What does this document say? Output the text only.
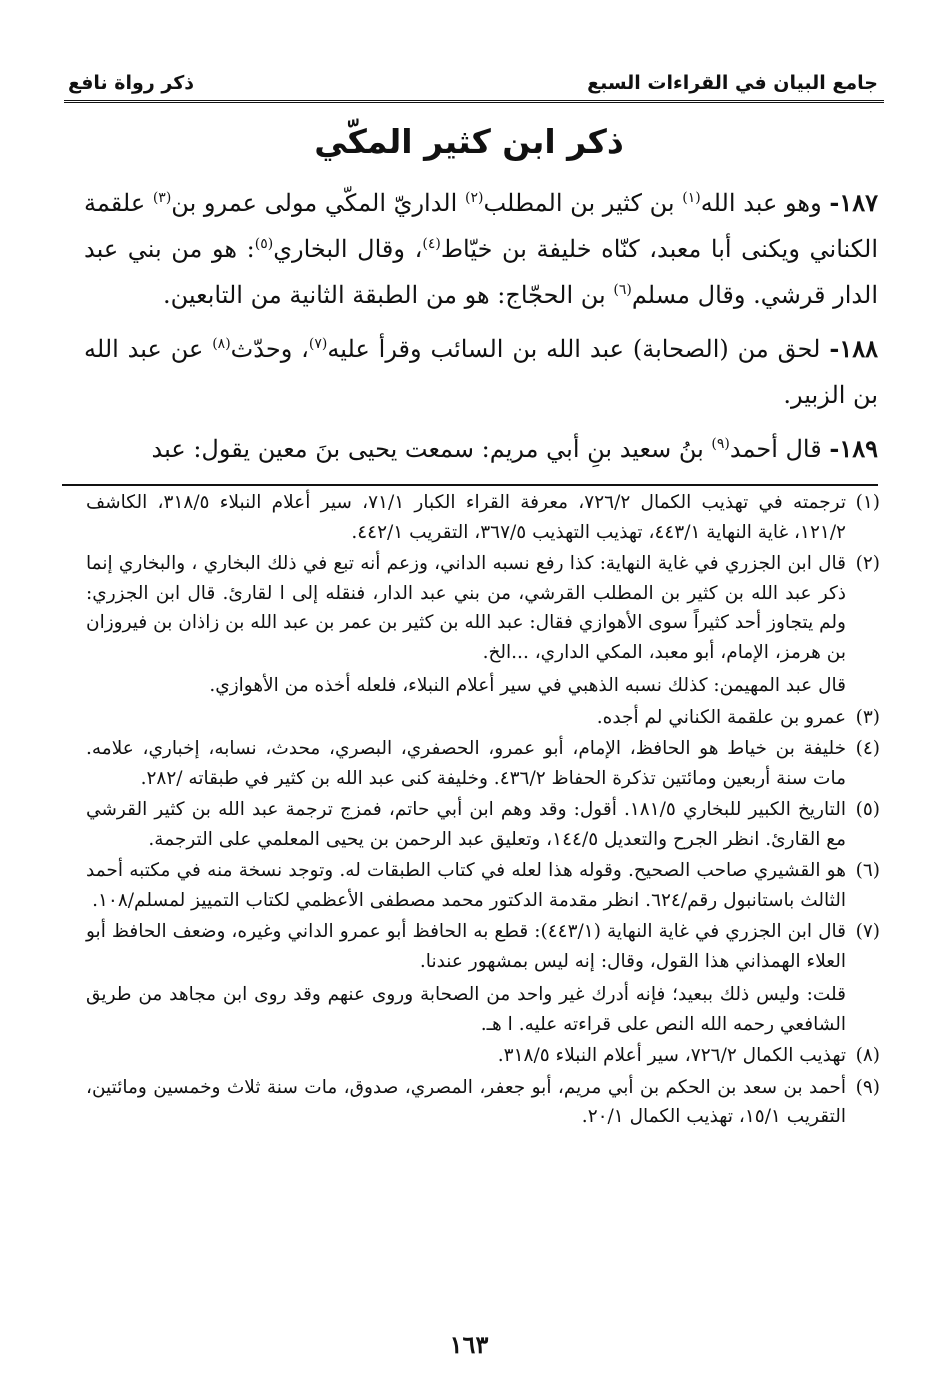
جامع البيان في القراءات السبع
ذكر رواة نافع
ذكر ابن كثير المكّي

١٨٧- وهو عبد الله$^{(١)}$ بن كثير بن المطلب$^{(٢)}$ الداريّ المكّي مولى عمرو بن$^{(٣)}$ علقمة الكناني ويكنى أبا معبد، كنّاه خليفة بن خيّاط$^{(٤)}$، وقال البخاري$^{(٥)}$: هو من بني عبد الدار قرشي. وقال مسلم$^{(٦)}$ بن الحجّاج: هو من الطبقة الثانية من التابعين.

١٨٨- لحق من (الصحابة) عبد الله بن السائب وقرأ عليه$^{(٧)}$، وحدّث$^{(٨)}$ عن عبد الله بن الزبير.

١٨٩- قال أحمد$^{(٩)}$ بنُ سعيد بنِ أبي مريم: سمعت يحيى بنَ معين يقول: عبد

(١)

ترجمته في تهذيب الكمال ٧٢٦/٢، معرفة القراء الكبار ٧١/١، سير أعلام النبلاء ٣١٨/٥، الكاشف ١٢١/٢، غاية النهاية ٤٤٣/١، تهذيب التهذيب ٣٦٧/٥، التقريب ٤٤٢/١.

(٢)

قال ابن الجزري في غاية النهاية: كذا رفع نسبه الداني، وزعم أنه تبع في ذلك البخاري ، والبخاري إنما ذكر عبد الله بن كثير بن المطلب القرشي، من بني عبد الدار، فنقله إلى ا لقارئ. قال ابن الجزري: ولم يتجاوز أحد كثيراً سوى الأهوازي فقال: عبد الله بن كثير بن عمر بن عبد الله بن زاذان بن فيروزان بن هرمز، الإمام، أبو معبد، المكي الداري، ...الخ.

قال عبد المهيمن: كذلك نسبه الذهبي في سير أعلام النبلاء، فلعله أخذه من الأهوازي.

(٣)

عمرو بن علقمة الكناني لم أجده.

(٤)

خليفة بن خياط هو الحافظ، الإمام، أبو عمرو، الحصفري، البصري، محدث، نسابه، إخباري، علامه. مات سنة أربعين ومائتين تذكرة الحفاظ ٤٣٦/٢. وخليفة كنى عبد الله بن كثير في طبقاته /٢٨٢.

(٥)

التاريخ الكبير للبخاري ١٨١/٥. أقول: وقد وهم ابن أبي حاتم، فمزج ترجمة عبد الله بن كثير القرشي مع القارئ. انظر الجرح والتعديل ١٤٤/٥، وتعليق عبد الرحمن بن يحيى المعلمي على الترجمة.

(٦)

هو القشيري صاحب الصحيح. وقوله هذا لعله في كتاب الطبقات له. وتوجد نسخة منه في مكتبه أحمد الثالث باستانبول رقم/٦٢٤. انظر مقدمة الدكتور محمد مصطفى الأعظمي لكتاب التمييز لمسلم/١٠٨.

(٧)

قال ابن الجزري في غاية النهاية (٤٤٣/١): قطع به الحافظ أبو عمرو الداني وغيره، وضعف الحافظ أبو العلاء الهمذاني هذا القول، وقال: إنه ليس بمشهور عندنا.

قلت: وليس ذلك ببعيد؛ فإنه أدرك غير واحد من الصحابة وروى عنهم وقد روى ابن مجاهد من طريق الشافعي رحمه الله النص على قراءته عليه. ا هـ.

(٨)

تهذيب الكمال ٧٢٦/٢، سير أعلام النبلاء ٣١٨/٥.

(٩)

أحمد بن سعد بن الحكم بن أبي مريم، أبو جعفر، المصري، صدوق، مات سنة ثلاث وخمسين ومائتين، التقريب ١٥/١، تهذيب الكمال ٢٠/١.

١٦٣
